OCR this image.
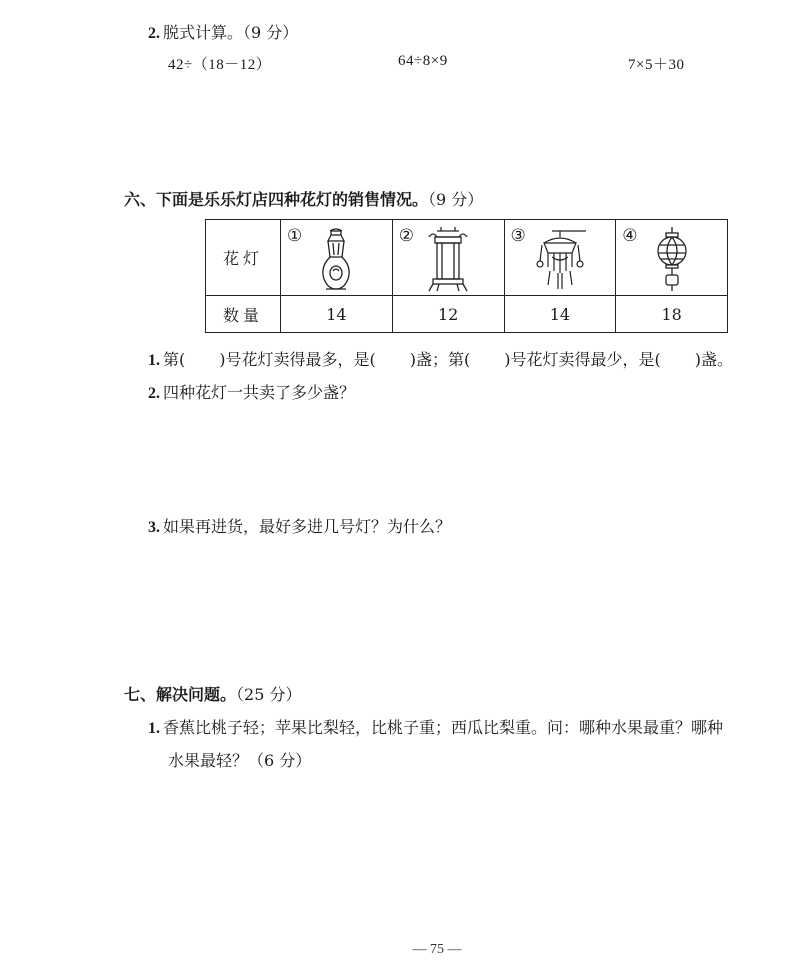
2. 脱式计算。（9 分）
42÷（18－12）	64÷8×9	7×5＋30
六、下面是乐乐灯店四种花灯的销售情况。（9 分）
花灯	①	②	③	④

数量	14	12	14	18
1. 第( )号花灯卖得最多，是( )盏；第( )号花灯卖得最少，是( )盏。
2. 四种花灯一共卖了多少盏？
3. 如果再进货，最好多进几号灯？为什么？
七、解决问题。（25 分）
1. 香蕉比桃子轻；苹果比梨轻，比桃子重；西瓜比梨重。问：哪种水果最重？哪种
水果最轻？（6 分）
— 75 —
